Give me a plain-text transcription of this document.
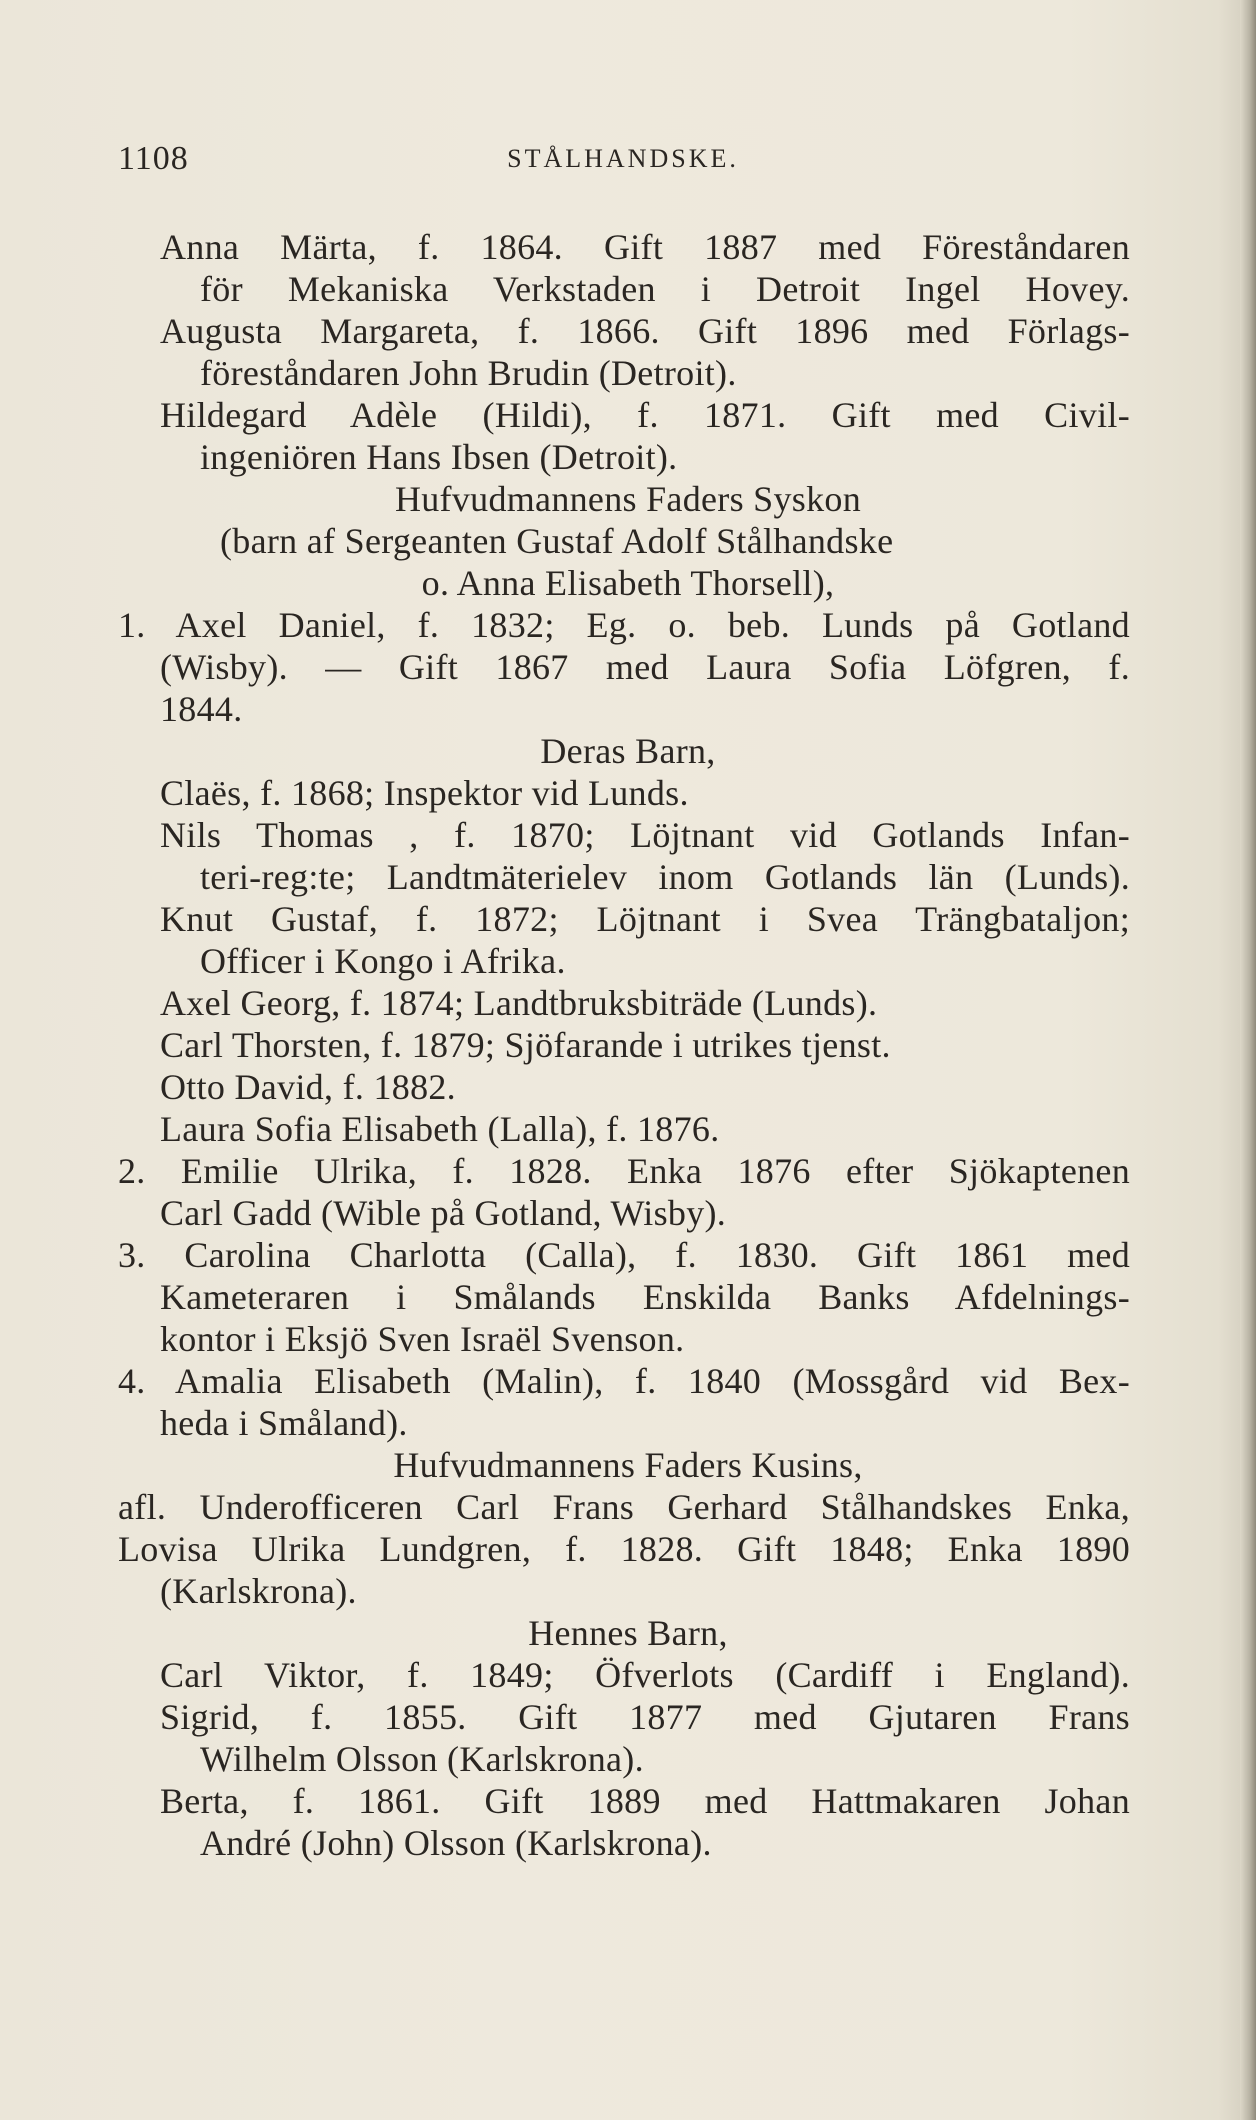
1108	STÅLHANDSKE.
Anna Märta, f. 1864. Gift 1887 med Föreståndaren
för Mekaniska Verkstaden i Detroit Ingel Hovey.
Augusta Margareta, f. 1866. Gift 1896 med Förlags-
föreståndaren John Brudin (Detroit).
Hildegard Adèle (Hildi), f. 1871. Gift med Civil-
ingeniören Hans Ibsen (Detroit).
Hufvudmannens Faders Syskon
(barn af Sergeanten Gustaf Adolf Stålhandske
o. Anna Elisabeth Thorsell),
1. Axel Daniel, f. 1832; Eg. o. beb. Lunds på Gotland
(Wisby). — Gift 1867 med Laura Sofia Löfgren, f.
1844.
Deras Barn,
Claës, f. 1868; Inspektor vid Lunds.
Nils Thomas , f. 1870; Löjtnant vid Gotlands Infan-
teri-reg:te; Landtmäterielev inom Gotlands län (Lunds).
Knut Gustaf, f. 1872; Löjtnant i Svea Trängbataljon;
Officer i Kongo i Afrika.
Axel Georg, f. 1874; Landtbruksbiträde (Lunds).
Carl Thorsten, f. 1879; Sjöfarande i utrikes tjenst.
Otto David, f. 1882.
Laura Sofia Elisabeth (Lalla), f. 1876.
2. Emilie Ulrika, f. 1828. Enka 1876 efter Sjökaptenen
Carl Gadd (Wible på Gotland, Wisby).
3. Carolina Charlotta (Calla), f. 1830. Gift 1861 med
Kameteraren i Smålands Enskilda Banks Afdelnings-
kontor i Eksjö Sven Israël Svenson.
4. Amalia Elisabeth (Malin), f. 1840 (Mossgård vid Bex-
heda i Småland).
Hufvudmannens Faders Kusins,
afl. Underofficeren Carl Frans Gerhard Stålhandskes Enka,
Lovisa Ulrika Lundgren, f. 1828. Gift 1848; Enka 1890
(Karlskrona).
Hennes Barn,
Carl Viktor, f. 1849; Öfverlots (Cardiff i England).
Sigrid, f. 1855. Gift 1877 med Gjutaren Frans
Wilhelm Olsson (Karlskrona).
Berta, f. 1861. Gift 1889 med Hattmakaren Johan
André (John) Olsson (Karlskrona).
